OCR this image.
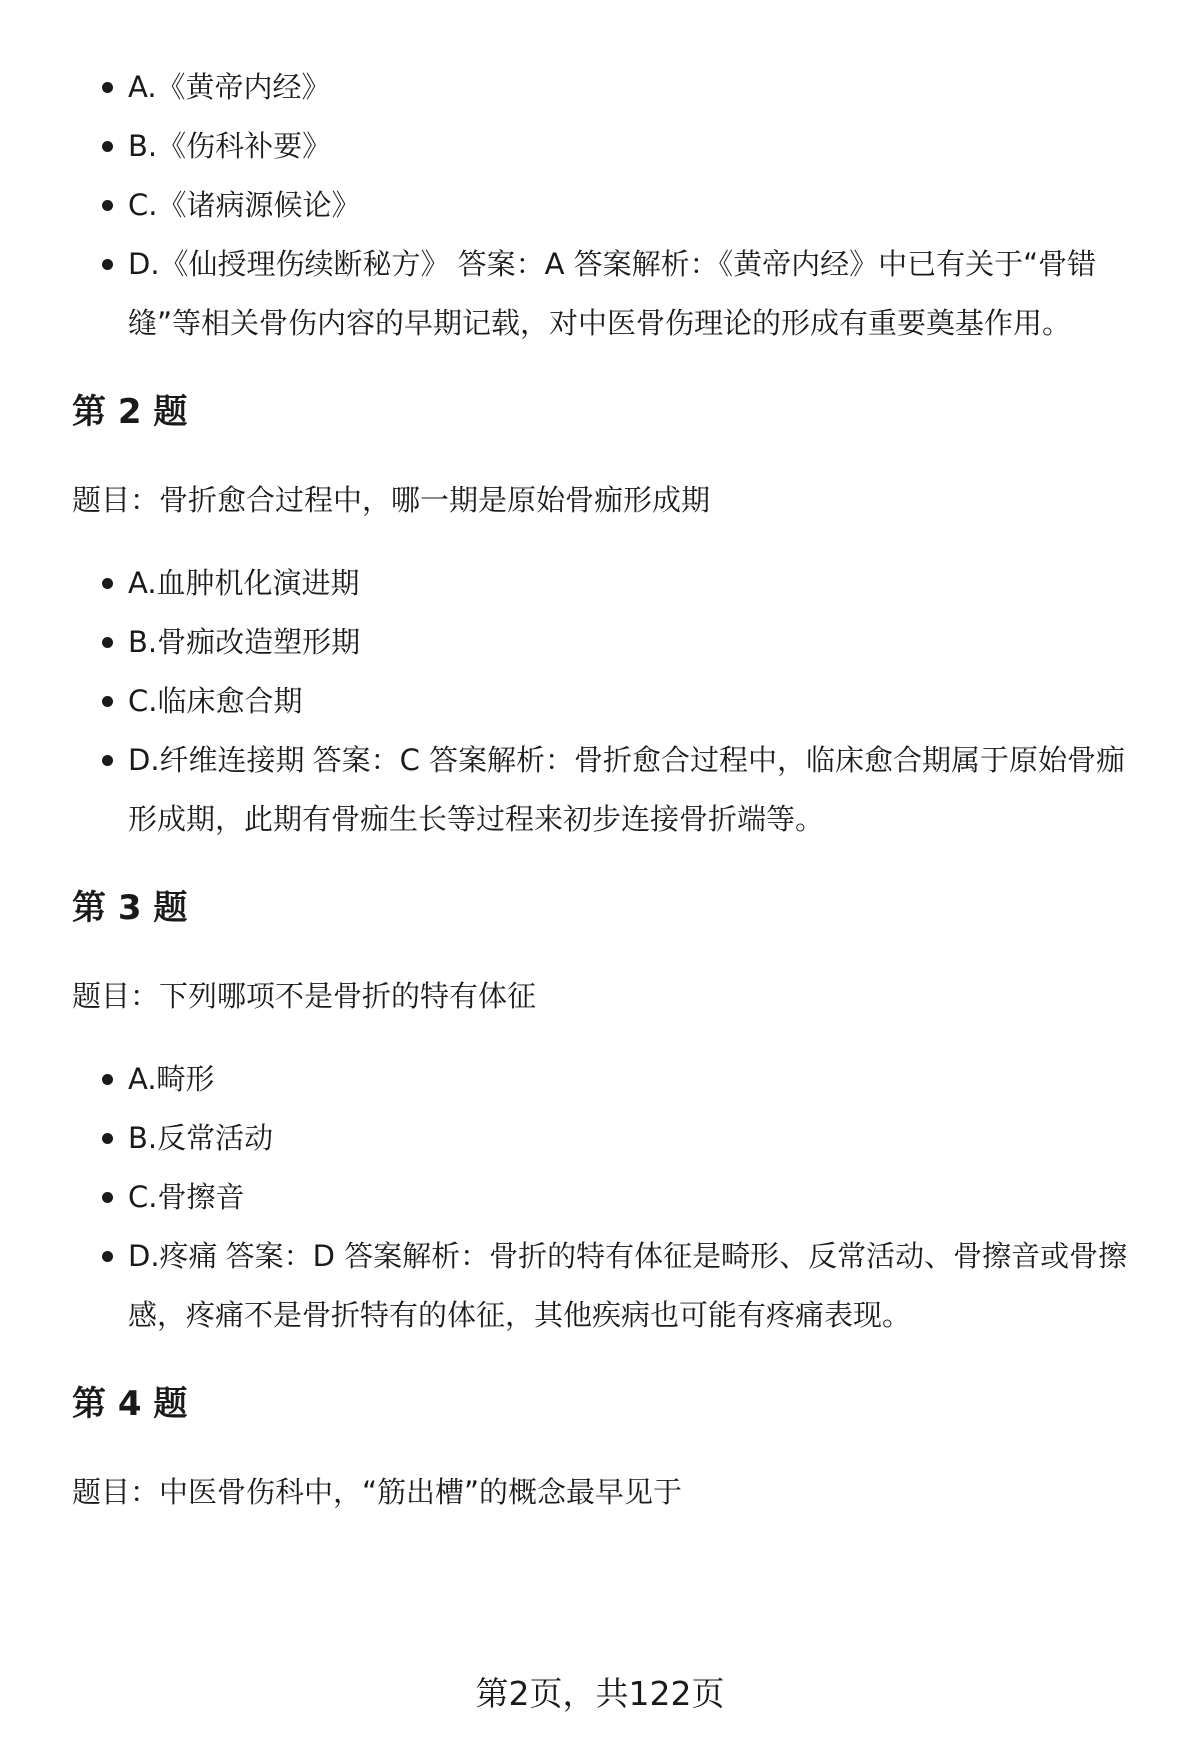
A.《黄帝内经》
B.《伤科补要》
C.《诸病源候论》
D.《仙授理伤续断秘方》 答案：A 答案解析：《黄帝内经》中已有关于“骨错缝”等相关骨伤内容的早期记载，对中医骨伤理论的形成有重要奠基作用。
第 2 题

题目：骨折愈合过程中，哪一期是原始骨痂形成期

A.血肿机化演进期
B.骨痂改造塑形期
C.临床愈合期
D.纤维连接期 答案：C 答案解析：骨折愈合过程中，临床愈合期属于原始骨痂形成期，此期有骨痂生长等过程来初步连接骨折端等。
第 3 题

题目：下列哪项不是骨折的特有体征

A.畸形
B.反常活动
C.骨擦音
D.疼痛 答案：D 答案解析：骨折的特有体征是畸形、反常活动、骨擦音或骨擦感，疼痛不是骨折特有的体征，其他疾病也可能有疼痛表现。
第 4 题

题目：中医骨伤科中，“筋出槽”的概念最早见于

第2页，共122页
